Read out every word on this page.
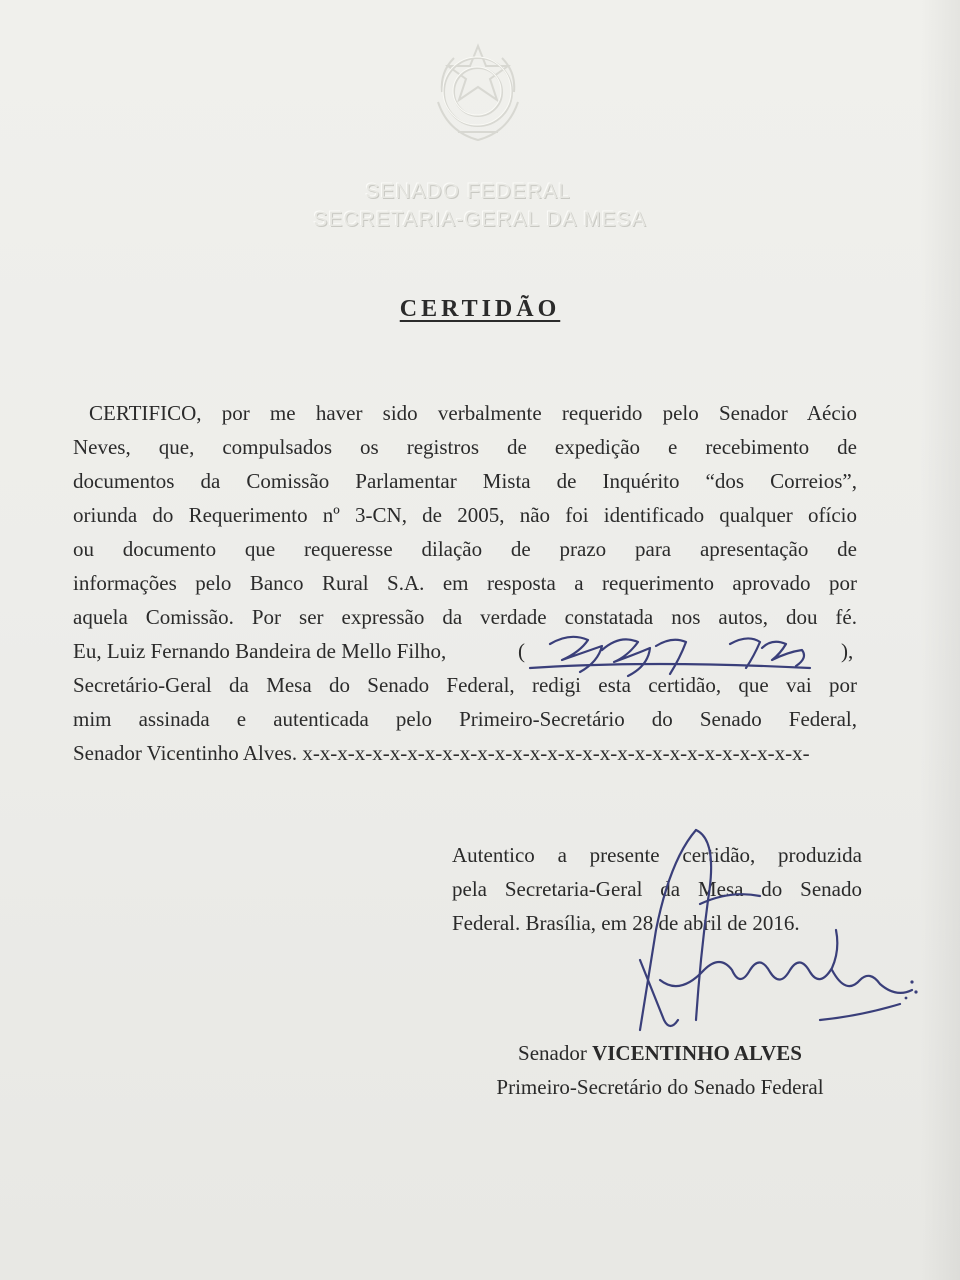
SENADO FEDERAL
SECRETARIA-GERAL DA MESA
CERTIDÃO
CERTIFICO, por me haver sido verbalmente requerido pelo Senador Aécio
Neves, que, compulsados os registros de expedição e recebimento de
documentos da Comissão Parlamentar Mista de Inquérito “dos Correios”,
oriunda do Requerimento nº 3-CN, de 2005, não foi identificado qualquer ofício
ou documento que requeresse dilação de prazo para apresentação de
informações pelo Banco Rural S.A. em resposta a requerimento aprovado por
aquela Comissão. Por ser expressão da verdade constatada nos autos, dou fé.
Eu, Luiz Fernando Bandeira de Mello Filho,	(	),
Secretário-Geral da Mesa do Senado Federal, redigi esta certidão, que vai por
mim assinada e autenticada pelo Primeiro-Secretário do Senado Federal,
Senador Vicentinho Alves. x-x-x-x-x-x-x-x-x-x-x-x-x-x-x-x-x-x-x-x-x-x-x-x-x-x-x-x-x-
Autentico a presente certidão, produzida
pela Secretaria-Geral da Mesa do Senado
Federal. Brasília, em 28 de abril de 2016.
Senador VICENTINHO ALVES
Primeiro-Secretário do Senado Federal
